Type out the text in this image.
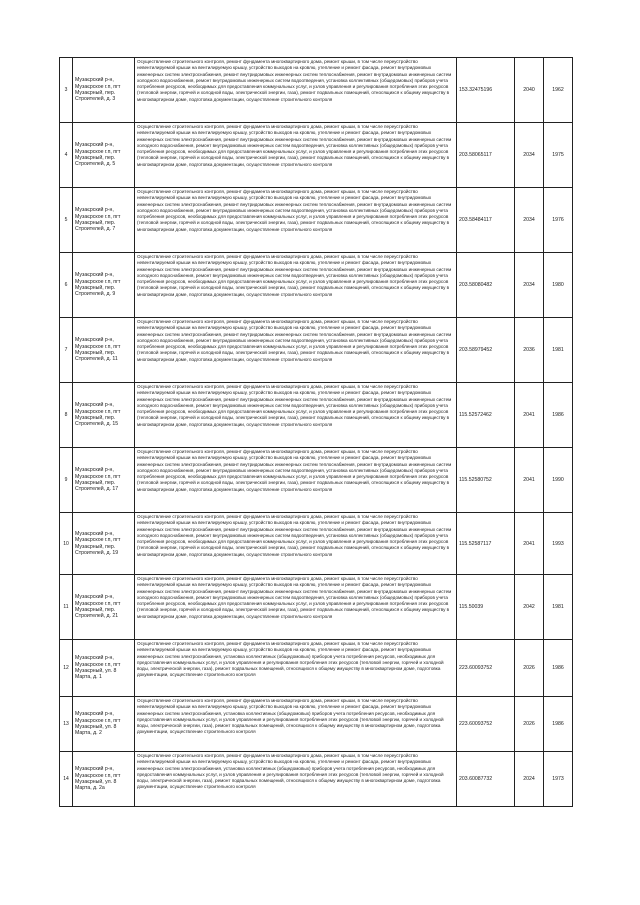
3	Музаєрский р-н, Музаєрское г.п, пгт Музаєрный, пер. Строителей, д. 3	Осуществление строительного контроля, ремонт фундамента многоквартирного дома, ремонт крыши, в том числе переустройство невентилируемой крыши на вентилируемую крышу, устройство выходов на кровлю, утепление и ремонт фасада, ремонт внутридомовых инженерных систем электроснабжения, ремонт внутридомовых инженерных систем теплоснабжения, ремонт внутридомовых инженерных систем холодного водоснабжения, ремонт внутридомовых инженерных систем водоотведения, установка коллективных (общедомовых) приборов учета потребления ресурсов, необходимых для предоставления коммунальных услуг, и узлов управления и регулирования потребления этих ресурсов (тепловой энергии, горячей и холодной воды, электрической энергии, газа), ремонт подвальных помещений, относящихся к общему имуществу в многоквартирном доме, подготовка документации, осуществление строительного контроля	153.32475196	2040	1962
4	Музаєрский р-н, Музаєрское г.п, пгт Музаєрный, пер. Строителей, д. 5	Осуществление строительного контроля, ремонт фундамента многоквартирного дома, ремонт крыши, в том числе переустройство невентилируемой крыши на вентилируемую крышу, устройство выходов на кровлю, утепление и ремонт фасада, ремонт внутридомовых инженерных систем электроснабжения, ремонт внутридомовых инженерных систем теплоснабжения, ремонт внутридомовых инженерных систем холодного водоснабжения, ремонт внутридомовых инженерных систем водоотведения, установка коллективных (общедомовых) приборов учета потребления ресурсов, необходимых для предоставления коммунальных услуг, и узлов управления и регулирования потребления этих ресурсов (тепловой энергии, горячей и холодной воды, электрической энергии, газа), ремонт подвальных помещений, относящихся к общему имуществу в многоквартирном доме, подготовка документации, осуществление строительного контроля	203.58065117	2034	1975
5	Музаєрский р-н, Музаєрское г.п, пгт Музаєрный, пер. Строителей, д. 7	Осуществление строительного контроля, ремонт фундамента многоквартирного дома, ремонт крыши, в том числе переустройство невентилируемой крыши на вентилируемую крышу, устройство выходов на кровлю, утепление и ремонт фасада, ремонт внутридомовых инженерных систем электроснабжения, ремонт внутридомовых инженерных систем теплоснабжения, ремонт внутридомовых инженерных систем холодного водоснабжения, ремонт внутридомовых инженерных систем водоотведения, установка коллективных (общедомовых) приборов учета потребления ресурсов, необходимых для предоставления коммунальных услуг, и узлов управления и регулирования потребления этих ресурсов (тепловой энергии, горячей и холодной воды, электрической энергии, газа), ремонт подвальных помещений, относящихся к общему имуществу в многоквартирном доме, подготовка документации, осуществление строительного контроля	203.58484117	2034	1976
6	Музаєрский р-н, Музаєрское г.п, пгт Музаєрный, пер. Строителей, д. 9	Осуществление строительного контроля, ремонт фундамента многоквартирного дома, ремонт крыши, в том числе переустройство невентилируемой крыши на вентилируемую крышу, устройство выходов на кровлю, утепление и ремонт фасада, ремонт внутридомовых инженерных систем электроснабжения, ремонт внутридомовых инженерных систем теплоснабжения, ремонт внутридомовых инженерных систем холодного водоснабжения, ремонт внутридомовых инженерных систем водоотведения, установка коллективных (общедомовых) приборов учета потребления ресурсов, необходимых для предоставления коммунальных услуг, и узлов управления и регулирования потребления этих ресурсов (тепловой энергии, горячей и холодной воды, электрической энергии, газа), ремонт подвальных помещений, относящихся к общему имуществу в многоквартирном доме, подготовка документации, осуществление строительного контроля	203.58080482	2034	1980
7	Музаєрский р-н, Музаєрское г.п, пгт Музаєрный, пер. Строителей, д. 11	Осуществление строительного контроля, ремонт фундамента многоквартирного дома, ремонт крыши, в том числе переустройство невентилируемой крыши на вентилируемую крышу, устройство выходов на кровлю, утепление и ремонт фасада, ремонт внутридомовых инженерных систем электроснабжения, ремонт внутридомовых инженерных систем теплоснабжения, ремонт внутридомовых инженерных систем холодного водоснабжения, ремонт внутридомовых инженерных систем водоотведения, установка коллективных (общедомовых) приборов учета потребления ресурсов, необходимых для предоставления коммунальных услуг, и узлов управления и регулирования потребления этих ресурсов (тепловой энергии, горячей и холодной воды, электрической энергии, газа), ремонт подвальных помещений, относящихся к общему имуществу в многоквартирном доме, подготовка документации, осуществление строительного контроля	203.58979452	2036	1981
8	Музаєрский р-н, Музаєрское г.п, пгт Музаєрный, пер. Строителей, д. 15	Осуществление строительного контроля, ремонт фундамента многоквартирного дома, ремонт крыши, в том числе переустройство невентилируемой крыши на вентилируемую крышу, устройство выходов на кровлю, утепление и ремонт фасада, ремонт внутридомовых инженерных систем электроснабжения, ремонт внутридомовых инженерных систем теплоснабжения, ремонт внутридомовых инженерных систем холодного водоснабжения, ремонт внутридомовых инженерных систем водоотведения, установка коллективных (общедомовых) приборов учета потребления ресурсов, необходимых для предоставления коммунальных услуг, и узлов управления и регулирования потребления этих ресурсов (тепловой энергии, горячей и холодной воды, электрической энергии, газа), ремонт подвальных помещений, относящихся к общему имуществу в многоквартирном доме, подготовка документации, осуществление строительного контроля	115.52572462	2041	1986
9	Музаєрский р-н, Музаєрское г.п, пгт Музаєрный, пер. Строителей, д. 17	Осуществление строительного контроля, ремонт фундамента многоквартирного дома, ремонт крыши, в том числе переустройство невентилируемой крыши на вентилируемую крышу, устройство выходов на кровлю, утепление и ремонт фасада, ремонт внутридомовых инженерных систем электроснабжения, ремонт внутридомовых инженерных систем теплоснабжения, ремонт внутридомовых инженерных систем холодного водоснабжения, ремонт внутридомовых инженерных систем водоотведения, установка коллективных (общедомовых) приборов учета потребления ресурсов, необходимых для предоставления коммунальных услуг, и узлов управления и регулирования потребления этих ресурсов (тепловой энергии, горячей и холодной воды, электрической энергии, газа), ремонт подвальных помещений, относящихся к общему имуществу в многоквартирном доме, подготовка документации, осуществление строительного контроля	115.52580752	2041	1990
10	Музаєрский р-н, Музаєрское г.п, пгт Музаєрный, пер. Строителей, д. 19	Осуществление строительного контроля, ремонт фундамента многоквартирного дома, ремонт крыши, в том числе переустройство невентилируемой крыши на вентилируемую крышу, устройство выходов на кровлю, утепление и ремонт фасада, ремонт внутридомовых инженерных систем электроснабжения, ремонт внутридомовых инженерных систем теплоснабжения, ремонт внутридомовых инженерных систем холодного водоснабжения, ремонт внутридомовых инженерных систем водоотведения, установка коллективных (общедомовых) приборов учета потребления ресурсов, необходимых для предоставления коммунальных услуг, и узлов управления и регулирования потребления этих ресурсов (тепловой энергии, горячей и холодной воды, электрической энергии, газа), ремонт подвальных помещений, относящихся к общему имуществу в многоквартирном доме, подготовка документации, осуществление строительного контроля	115.52587117	2041	1993
11	Музаєрский р-н, Музаєрское г.п, пгт Музаєрный, пер. Строителей, д. 21	Осуществление строительного контроля, ремонт фундамента многоквартирного дома, ремонт крыши, в том числе переустройство невентилируемой крыши на вентилируемую крышу, устройство выходов на кровлю, утепление и ремонт фасада, ремонт внутридомовых инженерных систем электроснабжения, ремонт внутридомовых инженерных систем теплоснабжения, ремонт внутридомовых инженерных систем холодного водоснабжения, ремонт внутридомовых инженерных систем водоотведения, установка коллективных (общедомовых) приборов учета потребления ресурсов, необходимых для предоставления коммунальных услуг, и узлов управления и регулирования потребления этих ресурсов (тепловой энергии, горячей и холодной воды, электрической энергии, газа), ремонт подвальных помещений, относящихся к общему имуществу в многоквартирном доме, подготовка документации, осуществление строительного контроля	115.50039	2042	1981
12	Музаєрский р-н, Музаєрское г.п, пгт Музаєрный, ул. 8 Марта, д. 1	Осуществление строительного контроля, ремонт фундамента многоквартирного дома, ремонт крыши, в том числе переустройство невентилируемой крыши на вентилируемую крышу, устройство выходов на кровлю, утепление и ремонт фасада, ремонт внутридомовых инженерных систем электроснабжения, установка коллективных (общедомовых) приборов учета потребления ресурсов, необходимых для предоставления коммунальных услуг, и узлов управления и регулирования потребления этих ресурсов (тепловой энергии, горячей и холодной воды, электрической энергии, газа), ремонт подвальных помещений, относящихся к общему имуществу в многоквартирном доме, подготовка документации, осуществление строительного контроля	223.60093752	2026	1986
13	Музаєрский р-н, Музаєрское г.п, пгт Музаєрный, ул. 8 Марта, д. 2	Осуществление строительного контроля, ремонт фундамента многоквартирного дома, ремонт крыши, в том числе переустройство невентилируемой крыши на вентилируемую крышу, устройство выходов на кровлю, утепление и ремонт фасада, ремонт внутридомовых инженерных систем электроснабжения, установка коллективных (общедомовых) приборов учета потребления ресурсов, необходимых для предоставления коммунальных услуг, и узлов управления и регулирования потребления этих ресурсов (тепловой энергии, горячей и холодной воды, электрической энергии, газа), ремонт подвальных помещений, относящихся к общему имуществу в многоквартирном доме, подготовка документации, осуществление строительного контроля	223.60093752	2026	1986
14	Музаєрский р-н, Музаєрское г.п, пгт Музаєрный, ул. 8 Марта, д. 2а	Осуществление строительного контроля, ремонт фундамента многоквартирного дома, ремонт крыши, в том числе переустройство невентилируемой крыши на вентилируемую крышу, устройство выходов на кровлю, утепление и ремонт фасада, ремонт внутридомовых инженерных систем электроснабжения, установка коллективных (общедомовых) приборов учета потребления ресурсов, необходимых для предоставления коммунальных услуг, и узлов управления и регулирования потребления этих ресурсов (тепловой энергии, горячей и холодной воды, электрической энергии, газа), ремонт подвальных помещений, относящихся к общему имуществу в многоквартирном доме, подготовка документации, осуществление строительного контроля	203.60087732	2024	1973
